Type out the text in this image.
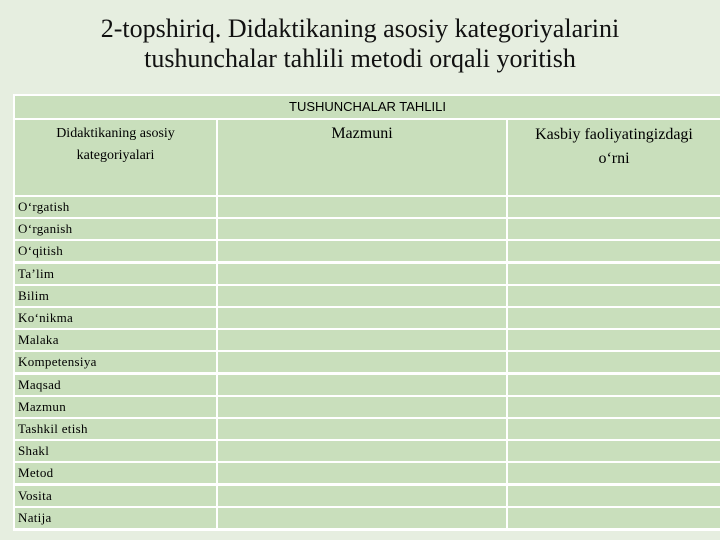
2-topshiriq. Didaktikaning asosiy kategoriyalarini
tushunchalar tahlili metodi orqali yoritish
TUSHUNCHALAR TAHLILI
Didaktikaning asosiy
kategoriyalari
Mazmuni	Kasbiy faoliyatingizdagi
o‘rni
O‘rgatish
O‘rganish
O‘qitish
Ta’lim
Bilim
Ko‘nikma
Malaka
Kompetensiya
Maqsad
Mazmun
Tashkil etish
Shakl
Metod
Vosita
Natija
